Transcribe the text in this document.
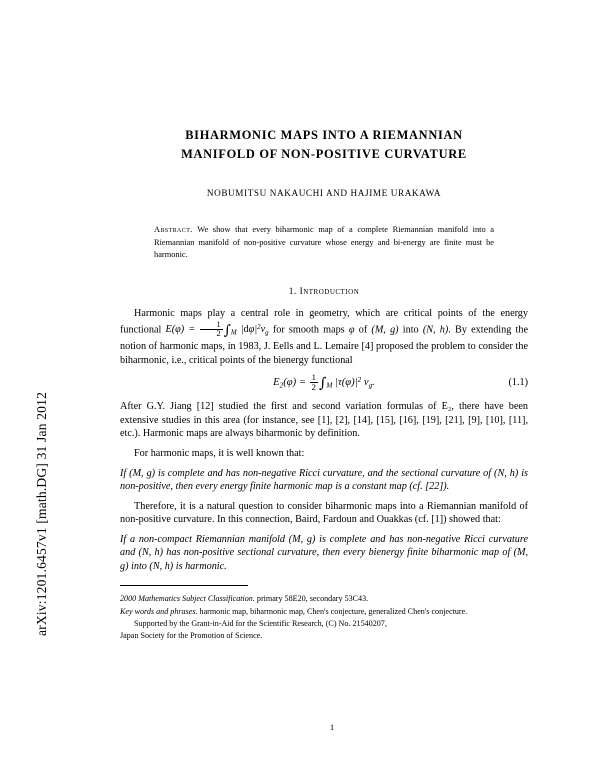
arXiv:1201.6457v1 [math.DG] 31 Jan 2012
BIHARMONIC MAPS INTO A RIEMANNIAN
MANIFOLD OF NON-POSITIVE CURVATURE
NOBUMITSU NAKAUCHI AND HAJIME URAKAWA
Abstract. We show that every biharmonic map of a complete Riemannian manifold into a Riemannian manifold of non-positive curvature whose energy and bi-energy are finite must be harmonic.
1. Introduction

Harmonic maps play a central role in geometry, which are critical points of the energy functional $E(\varphi) = \frac{1}{2} \int_M$ $|d\varphi|^2v_g$ for smooth maps φ of (M, g) into (N, h). By extending the notion of harmonic maps, in 1983, J. Eells and L. Lemaire [4] proposed the problem to consider the biharmonic, i.e., critical points of the bienergy functional

$E_2(\varphi) = \frac{1}{2} \int_M$ $|\tau(\varphi)|^2$ $v_g$.	(1.1)

After G.Y. Jiang [12] studied the first and second variation formulas of E₂, there have been extensive studies in this area (for instance, see [1], [2], [14], [15], [16], [19], [21], [9], [10], [11], etc.). Harmonic maps are always biharmonic by definition.

For harmonic maps, it is well known that:

If (M, g) is complete and has non-negative Ricci curvature, and the sectional curvature of (N, h) is non-positive, then every energy finite harmonic map is a constant map (cf. [22]).

Therefore, it is a natural question to consider biharmonic maps into a Riemannian manifold of non-positive curvature. In this connection, Baird, Fardoun and Ouakkas (cf. [1]) showed that:

If a non-compact Riemannian manifold (M, g) is complete and has non-negative Ricci curvature and (N, h) has non-positive sectional curvature, then every bienergy finite biharmonic map of (M, g) into (N, h) is harmonic.

2000 Mathematics Subject Classification. primary 58E20, secondary 53C43.

Key words and phrases. harmonic map, biharmonic map, Chen's conjecture, generalized Chen's conjecture.

Supported by the Grant-in-Aid for the Scientific Research, (C) No. 21540207,

Japan Society for the Promotion of Science.

1
